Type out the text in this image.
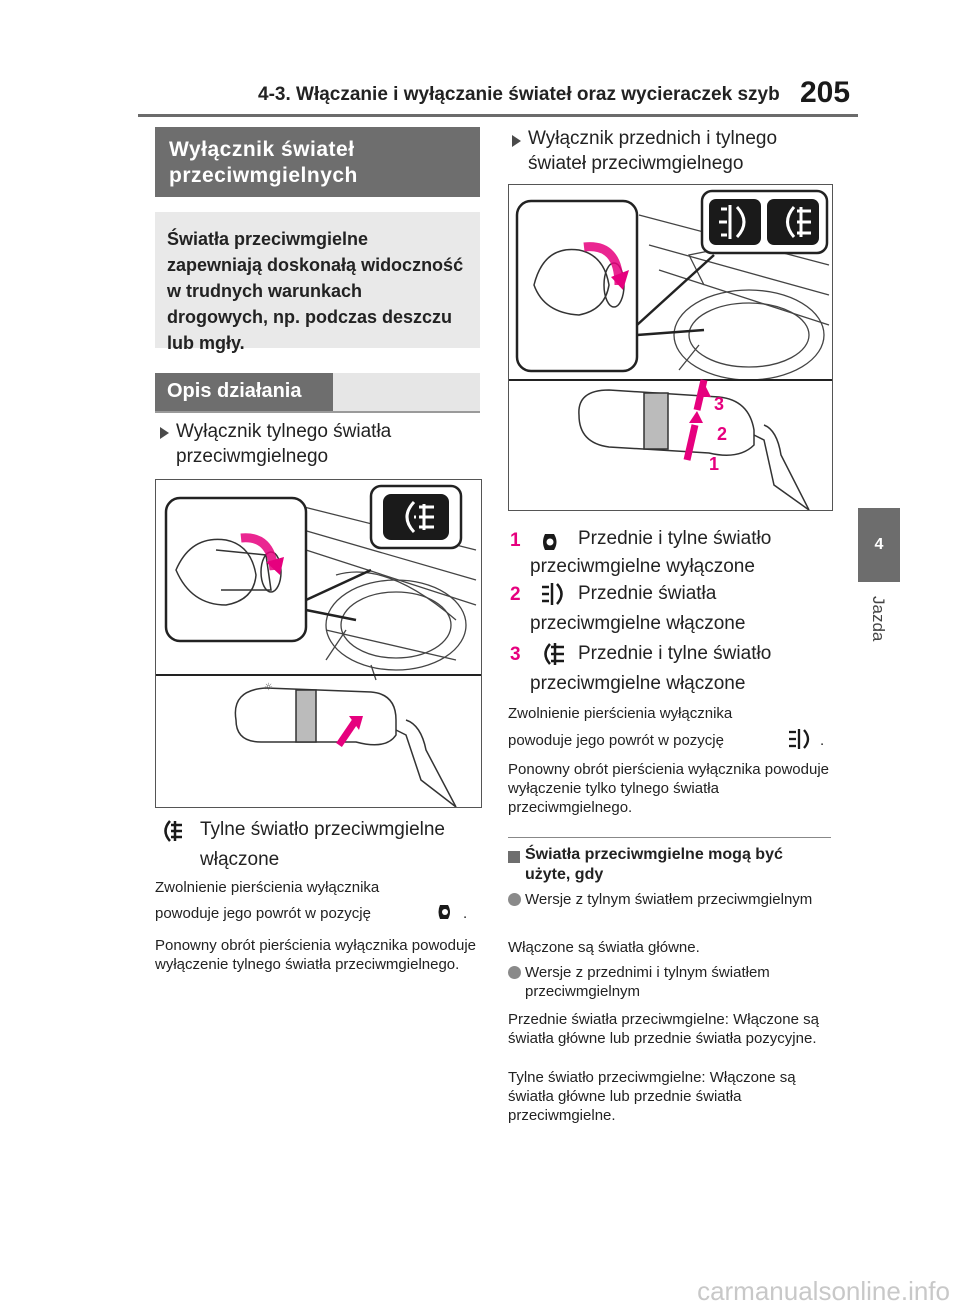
4-3. Włączanie i wyłączanie świateł oraz wycieraczek szyb 205
4
Jazda
Wyłącznik świateł przeciwmgielnych
Światła przeciwmgielne zapewniają doskonałą widoczność w trudnych warunkach drogowych, np. podczas deszczu lub mgły.
Opis działania
Wyłącznik tylnego światła przeciwmgielnego
☼
Tylne światło przeciwmgielne włączone
Zwolnienie pierścienia wyłącznika
powoduje jego powrót w pozycję	.
Ponowny obrót pierścienia wyłącznika powoduje wyłączenie tylnego światła przeciwmgielnego.
Wyłącznik przednich i tylnego świateł przeciwmgielnego
3
2
1
1	Przednie i tylne światło przeciwmgielne wyłączone
2	Przednie światła przeciwmgielne włączone
3	Przednie i tylne światło przeciwmgielne włączone
Zwolnienie pierścienia wyłącznika
powoduje jego powrót w pozycję	.
Ponowny obrót pierścienia wyłącznika powoduje wyłączenie tylko tylnego światła przeciwmgielnego.
Światła przeciwmgielne mogą być użyte, gdy
Wersje z tylnym światłem przeciwmgielnym
Włączone są światła główne.
Wersje z przednimi i tylnym światłem przeciwmgielnym
Przednie światła przeciwmgielne: Włączone są światła główne lub przednie światła pozycyjne.
Tylne światło przeciwmgielne: Włączone są światła główne lub przednie światła przeciwmgielne.
carmanualsonline.info
